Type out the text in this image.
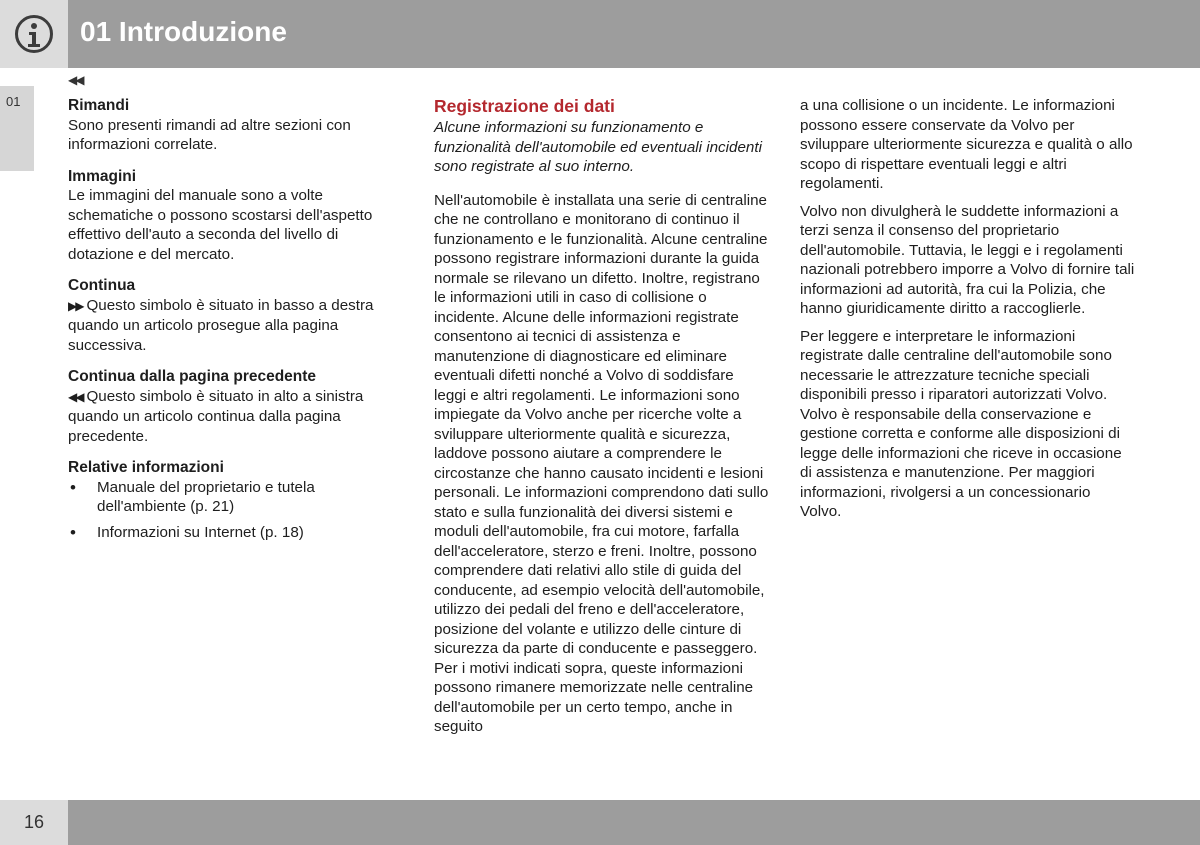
01 Introduzione
01
◀◀
Rimandi
Sono presenti rimandi ad altre sezioni con informazioni correlate.
Immagini
Le immagini del manuale sono a volte schematiche o possono scostarsi dell'aspetto effettivo dell'auto a seconda del livello di dotazione e del mercato.
Continua
▶▶ Questo simbolo è situato in basso a destra quando un articolo prosegue alla pagina successiva.
Continua dalla pagina precedente
◀◀ Questo simbolo è situato in alto a sinistra quando un articolo continua dalla pagina precedente.
Relative informazioni
• Manuale del proprietario e tutela dell'ambiente (p. 21)
• Informazioni su Internet (p. 18)
Registrazione dei dati
Alcune informazioni su funzionamento e funzionalità dell'automobile ed eventuali incidenti sono registrate al suo interno.
Nell'automobile è installata una serie di centraline che ne controllano e monitorano di continuo il funzionamento e le funzionalità. Alcune centraline possono registrare informazioni durante la guida normale se rilevano un difetto. Inoltre, registrano le informazioni utili in caso di collisione o incidente. Alcune delle informazioni registrate consentono ai tecnici di assistenza e manutenzione di diagnosticare ed eliminare eventuali difetti nonché a Volvo di soddisfare leggi e altri regolamenti. Le informazioni sono impiegate da Volvo anche per ricerche volte a sviluppare ulteriormente qualità e sicurezza, laddove possono aiutare a comprendere le circostanze che hanno causato incidenti e lesioni personali. Le informazioni comprendono dati sullo stato e sulla funzionalità dei diversi sistemi e moduli dell'automobile, fra cui motore, farfalla dell'acceleratore, sterzo e freni. Inoltre, possono comprendere dati relativi allo stile di guida del conducente, ad esempio velocità dell'automobile, utilizzo dei pedali del freno e dell'acceleratore, posizione del volante e utilizzo delle cinture di sicurezza da parte di conducente e passeggero. Per i motivi indicati sopra, queste informazioni possono rimanere memorizzate nelle centraline dell'automobile per un certo tempo, anche in seguito
a una collisione o un incidente. Le informazioni possono essere conservate da Volvo per sviluppare ulteriormente sicurezza e qualità o allo scopo di rispettare eventuali leggi e altri regolamenti.
Volvo non divulgherà le suddette informazioni a terzi senza il consenso del proprietario dell'automobile. Tuttavia, le leggi e i regolamenti nazionali potrebbero imporre a Volvo di fornire tali informazioni ad autorità, fra cui la Polizia, che hanno giuridicamente diritto a raccoglierle.
Per leggere e interpretare le informazioni registrate dalle centraline dell'automobile sono necessarie le attrezzature tecniche speciali disponibili presso i riparatori autorizzati Volvo. Volvo è responsabile della conservazione e gestione corretta e conforme alle disposizioni di legge delle informazioni che riceve in occasione di assistenza e manutenzione. Per maggiori informazioni, rivolgersi a un concessionario Volvo.
16
